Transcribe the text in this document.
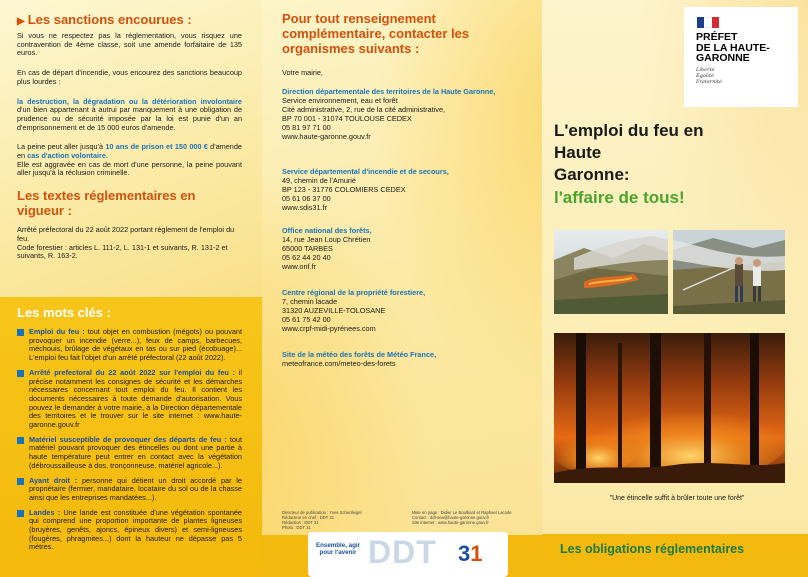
▶ Les sanctions encourues :
Si vous ne respectez pas la réglementation, vous risquez une contravention de 4ème classe, soit une amende forfaitaire de 135 euros.
En cas de départ d'incendie, vous encourez des sanctions beaucoup plus lourdes :
la destruction, la dégradation ou la détérioration involontaire d'un bien appartenant à autrui par manquement à une obligation de prudence ou de sécurité imposée par la loi est punie d'un an d'emprisonnement et de 15 000 euros d'amende.
La peine peut aller jusqu'à 10 ans de prison et 150 000 € d'amende en cas d'action volontaire.
Elle est aggravée en cas de mort d'une personne, la peine pouvant aller jusqu'à la réclusion criminelle.
Les textes réglementaires en vigueur :
Arrêté préfectoral du 22 août 2022 portant règlement de l'emploi du feu.
Code forestier : articles L. 111-2, L. 131-1 et suivants, R. 131-2 et suivants, R. 163-2.
Les mots clés :
Emploi du feu : tout objet en combustion (mégots) ou pouvant provoquer un incendie (verre...), feux de camps, barbecues, méchouis, brûlage de végétaux en tas ou sur pied (écobuage)... L'emploi feu fait l'objet d'un arrêté préfectoral (22 août 2022).
Arrêté prefectoral du 22 août 2022 sur l'emploi du feu : il précise notamment les consignes de sécurité et les démarches nécessaires concernant tout emploi du feu. Il contient les documents nécessaires à toute demande d'autorisation. Vous pouvez le demander à votre mairie, à la Direction départementale des territoires et le trouver sur le site internet : www.haute-garonne.gouv.fr
Matériel susceptible de provoquer des départs de feu : tout matériel pouvant provoquer des étincelles ou dont une partie à haute température peut entrer en contact avec la végétation (débroussailleuse à dos, tronçonneuse, matériel agricole...).
Ayant droit : personne qui détient un droit accordé par le propriétaire (fermier, mandataire, locataire du sol ou de la chasse ainsi que les entreprises mandatées...).
Landes : Une lande est constituée d'une végétation spontanée qui comprend une proportion importante de plantes ligneuses (bruyères, genêts, ajoncs, épineux divers) et semi-ligneuses (fougères, phragmites...) dont la hauteur ne dépasse pas 5 mètres.
Pour tout renseignement complémentaire, contacter les organismes suivants :
Votre mairie,
Direction départementale des territoires de la Haute Garonne,
Service environnement, eau et forêt
Cité administrative, 2, rue de la cité administrative,
BP 70 001 - 31074 TOULOUSE CEDEX
05 81 97 71 00
www.haute-garonne.gouv.fr
Service départemental d'incendie et de secours,
49, chemin de l'Amurié
BP 123 - 31776 COLOMIERS CEDEX
05 61 06 37 00
www.sdis31.fr
Office national des forêts,
14, rue Jean Loup Chrétien
65000 TARBES
05 62 44 20 40
www.onf.fr
Centre régional de la propriété forestiere,
7, chemin lacade
31320 AUZEVILLE-TOLOSANE
05 61 75 42 00
www.crpf-midi-pyrénees.com
Site de la météo des forêts de Météo France,
meteofrance.com/meteo-des-forets
Directeur de publication : Yves Schenfeigel
Rédacteur en chef : DDT 31
Rédaction : DDT 31
Photo : DDT 31
Mise en page : Didier Le Boulbard et Raphael Lacode
Contact : ddt-sea@haute-garonne.gouv.fr
Site internet : www.haute-garonne.gouv.fr
Ensemble, agir pour l'avenir DDT 31
PRÉFET
DE LA HAUTE-
GARONNE
Liberté
Égalité
Fraternité
L'emploi du feu en
Haute
Garonne:
l'affaire de tous!
"Une étincelle suffit à brûler toute une forêt"
Les obligations réglementaires
